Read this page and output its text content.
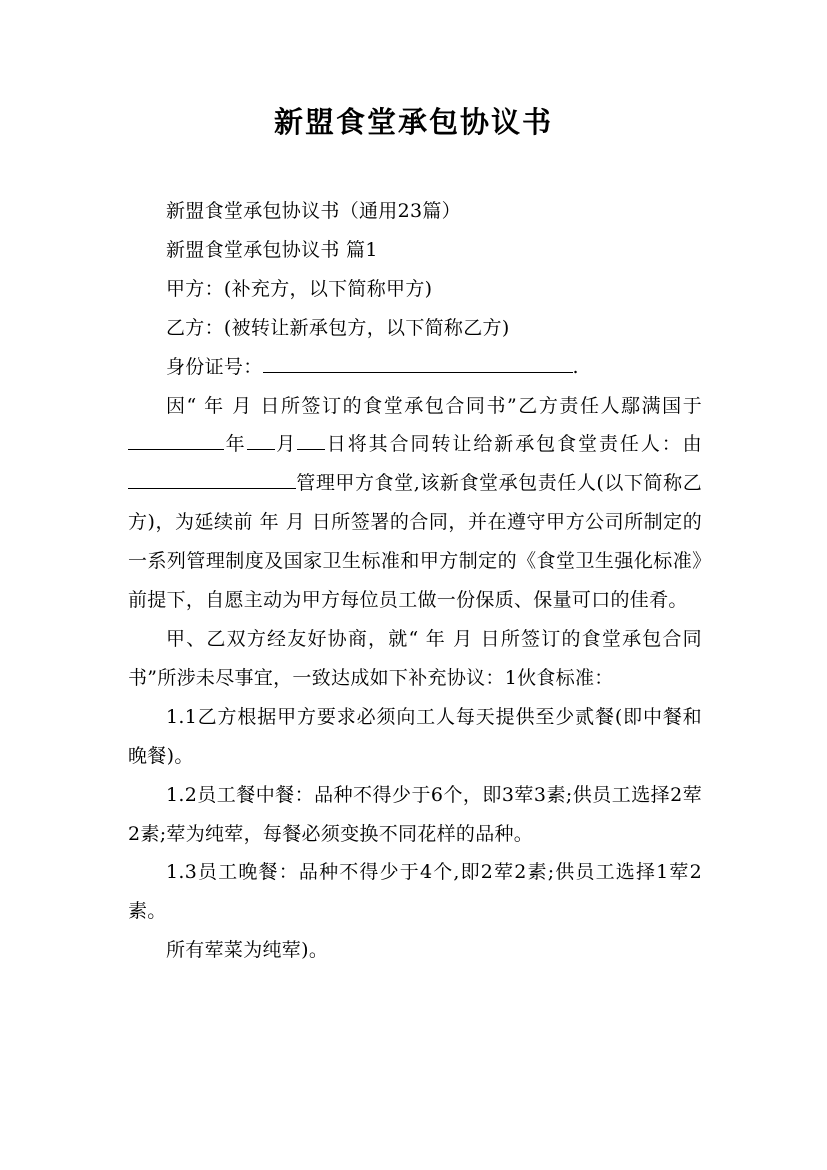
新盟食堂承包协议书

新盟食堂承包协议书（通用23篇）

新盟食堂承包协议书 篇1

甲方：(补充方，以下简称甲方)

乙方：(被转让新承包方，以下简称乙方)

身份证号：	.

因“ 年 月 日所签订的食堂承包合同书”乙方责任人鄢满国于年 月 日将其合同转让给新承包食堂责任人：由管理甲方食堂,该新食堂承包责任人(以下简称乙方)，为延续前 年 月 日所签署的合同，并在遵守甲方公司所制定的一系列管理制度及国家卫生标准和甲方制定的《食堂卫生强化标准》前提下，自愿主动为甲方每位员工做一份保质、保量可口的佳肴。

甲、乙双方经友好协商，就“ 年 月 日所签订的食堂承包合同书”所涉未尽事宜，一致达成如下补充协议：1伙食标准：

1.1乙方根据甲方要求必须向工人每天提供至少贰餐(即中餐和晚餐)。

1.2员工餐中餐：品种不得少于6个，即3荤3素;供员工选择2荤2素;荤为纯荤，每餐必须变换不同花样的品种。

1.3员工晚餐：品种不得少于4个,即2荤2素;供员工选择1荤2素。

所有荤菜为纯荤)。
